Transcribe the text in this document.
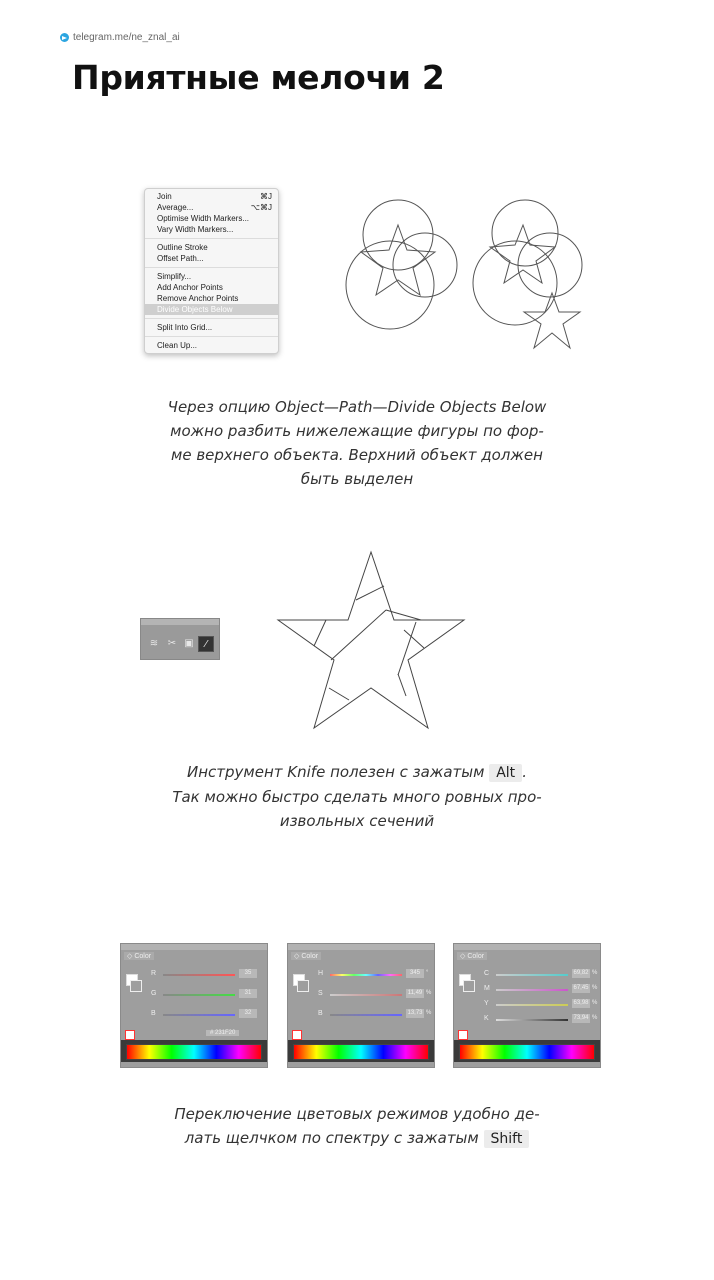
telegram.me/ne_znal_ai
Приятные мелочи 2
Join	⌘J
Average...	⌥⌘J
Optimise Width Markers...
Vary Width Markers...
Outline Stroke
Offset Path...
Simplify...
Add Anchor Points
Remove Anchor Points
Divide Objects Below
Split Into Grid...
Clean Up...
Через опцию Object—Path—Divide Objects Below
можно разбить нижележащие фигуры по фор-
ме верхнего объекта. Верхний объект должен
быть выделен
≋ ✂ ▣	⁄
Инструмент Knife полезен с зажатым Alt .
Так можно быстро сделать много ровных про-
извольных сечений
◇ Color
R	35
G	31
B	32
# 231F20
◇ Color
H	345	°
S	11,49 %
B	13,73 %
◇ Color
C	69,82 %
M	67,45 %
Y	63,98 %
K	73,94 %
Переключение цветовых режимов удобно де-
лать щелчком по спектру с зажатым Shift
